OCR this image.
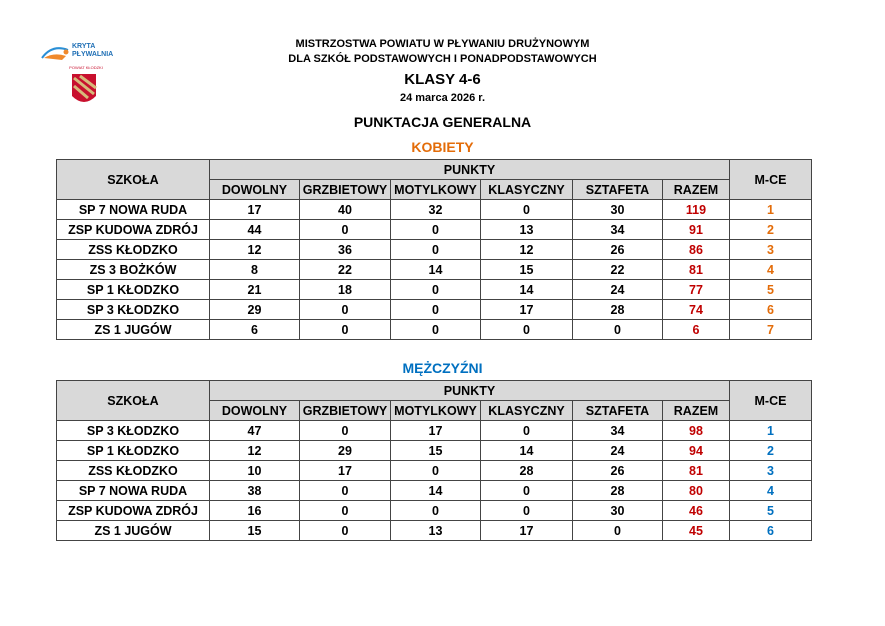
KRYTA PŁYWALNIA
POWIAT KŁODZKI
MISTRZOSTWA POWIATU W PŁYWANIU DRUŻYNOWYM
DLA SZKÓŁ PODSTAWOWYCH I PONADPODSTAWOWYCH
KLASY 4-6
24 marca 2026 r.
PUNKTACJA GENERALNA
KOBIETY
SZKOŁA	PUNKTY						M-CE
	DOWOLNY	GRZBIETOWY	MOTYLKOWY	KLASYCZNY	SZTAFETA	RAZEM	
SP 7 NOWA RUDA	17	40	32	0	30	119	1
ZSP KUDOWA ZDRÓJ	44	0	0	13	34	91	2
ZSS KŁODZKO	12	36	0	12	26	86	3
ZS 3 BOŻKÓW	8	22	14	15	22	81	4
SP 1 KŁODZKO	21	18	0	14	24	77	5
SP 3 KŁODZKO	29	0	0	17	28	74	6
ZS 1 JUGÓW	6	0	0	0	0	6	7
MĘŻCZYŹNI
SZKOŁA	PUNKTY						M-CE
	DOWOLNY	GRZBIETOWY	MOTYLKOWY	KLASYCZNY	SZTAFETA	RAZEM	
SP 3 KŁODZKO	47	0	17	0	34	98	1
SP 1 KŁODZKO	12	29	15	14	24	94	2
ZSS KŁODZKO	10	17	0	28	26	81	3
SP 7 NOWA RUDA	38	0	14	0	28	80	4
ZSP KUDOWA ZDRÓJ	16	0	0	0	30	46	5
ZS 1 JUGÓW	15	0	13	17	0	45	6
